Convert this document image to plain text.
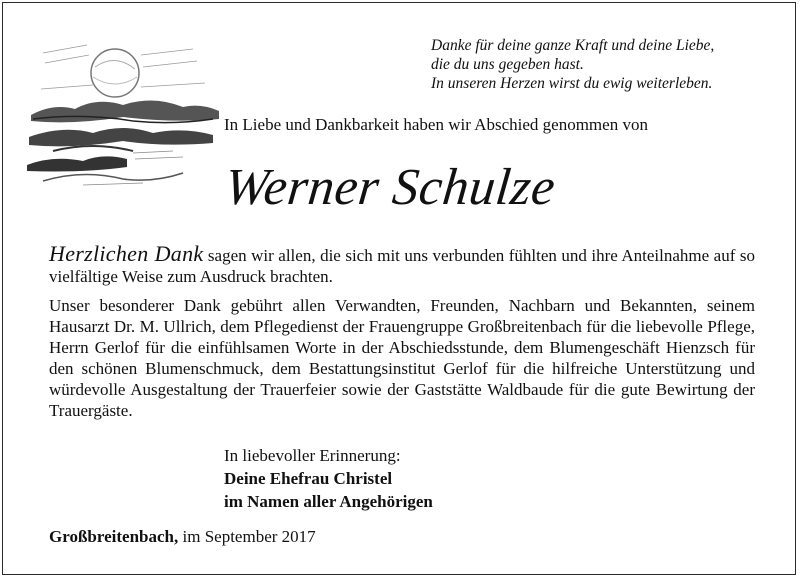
Danke für deine ganze Kraft und deine Liebe,
die du uns gegeben hast.
In unseren Herzen wirst du ewig weiterleben.
In Liebe und Dankbarkeit haben wir Abschied genommen von
Werner Schulze

Herzlichen Dank sagen wir allen, die sich mit uns verbunden fühlten und ihre Anteilnahme auf so vielfältige Weise zum Ausdruck brachten.

Unser besonderer Dank gebührt allen Verwandten, Freunden, Nachbarn und Bekannten, seinem Hausarzt Dr. M. Ullrich, dem Pflegedienst der Frauengruppe Großbreitenbach für die liebevolle Pflege, Herrn Gerlof für die einfühlsamen Worte in der Abschiedsstunde, dem Blumengeschäft Hienzsch für den schönen Blumenschmuck, dem Bestattungsinstitut Gerlof für die hilfreiche Unterstützung und würdevolle Ausgestaltung der Trauerfeier sowie der Gaststätte Waldbaude für die gute Bewirtung der Trauergäste.

In liebevoller Erinnerung:
Deine Ehefrau Christel
im Namen aller Angehörigen
Großbreitenbach, im September 2017
